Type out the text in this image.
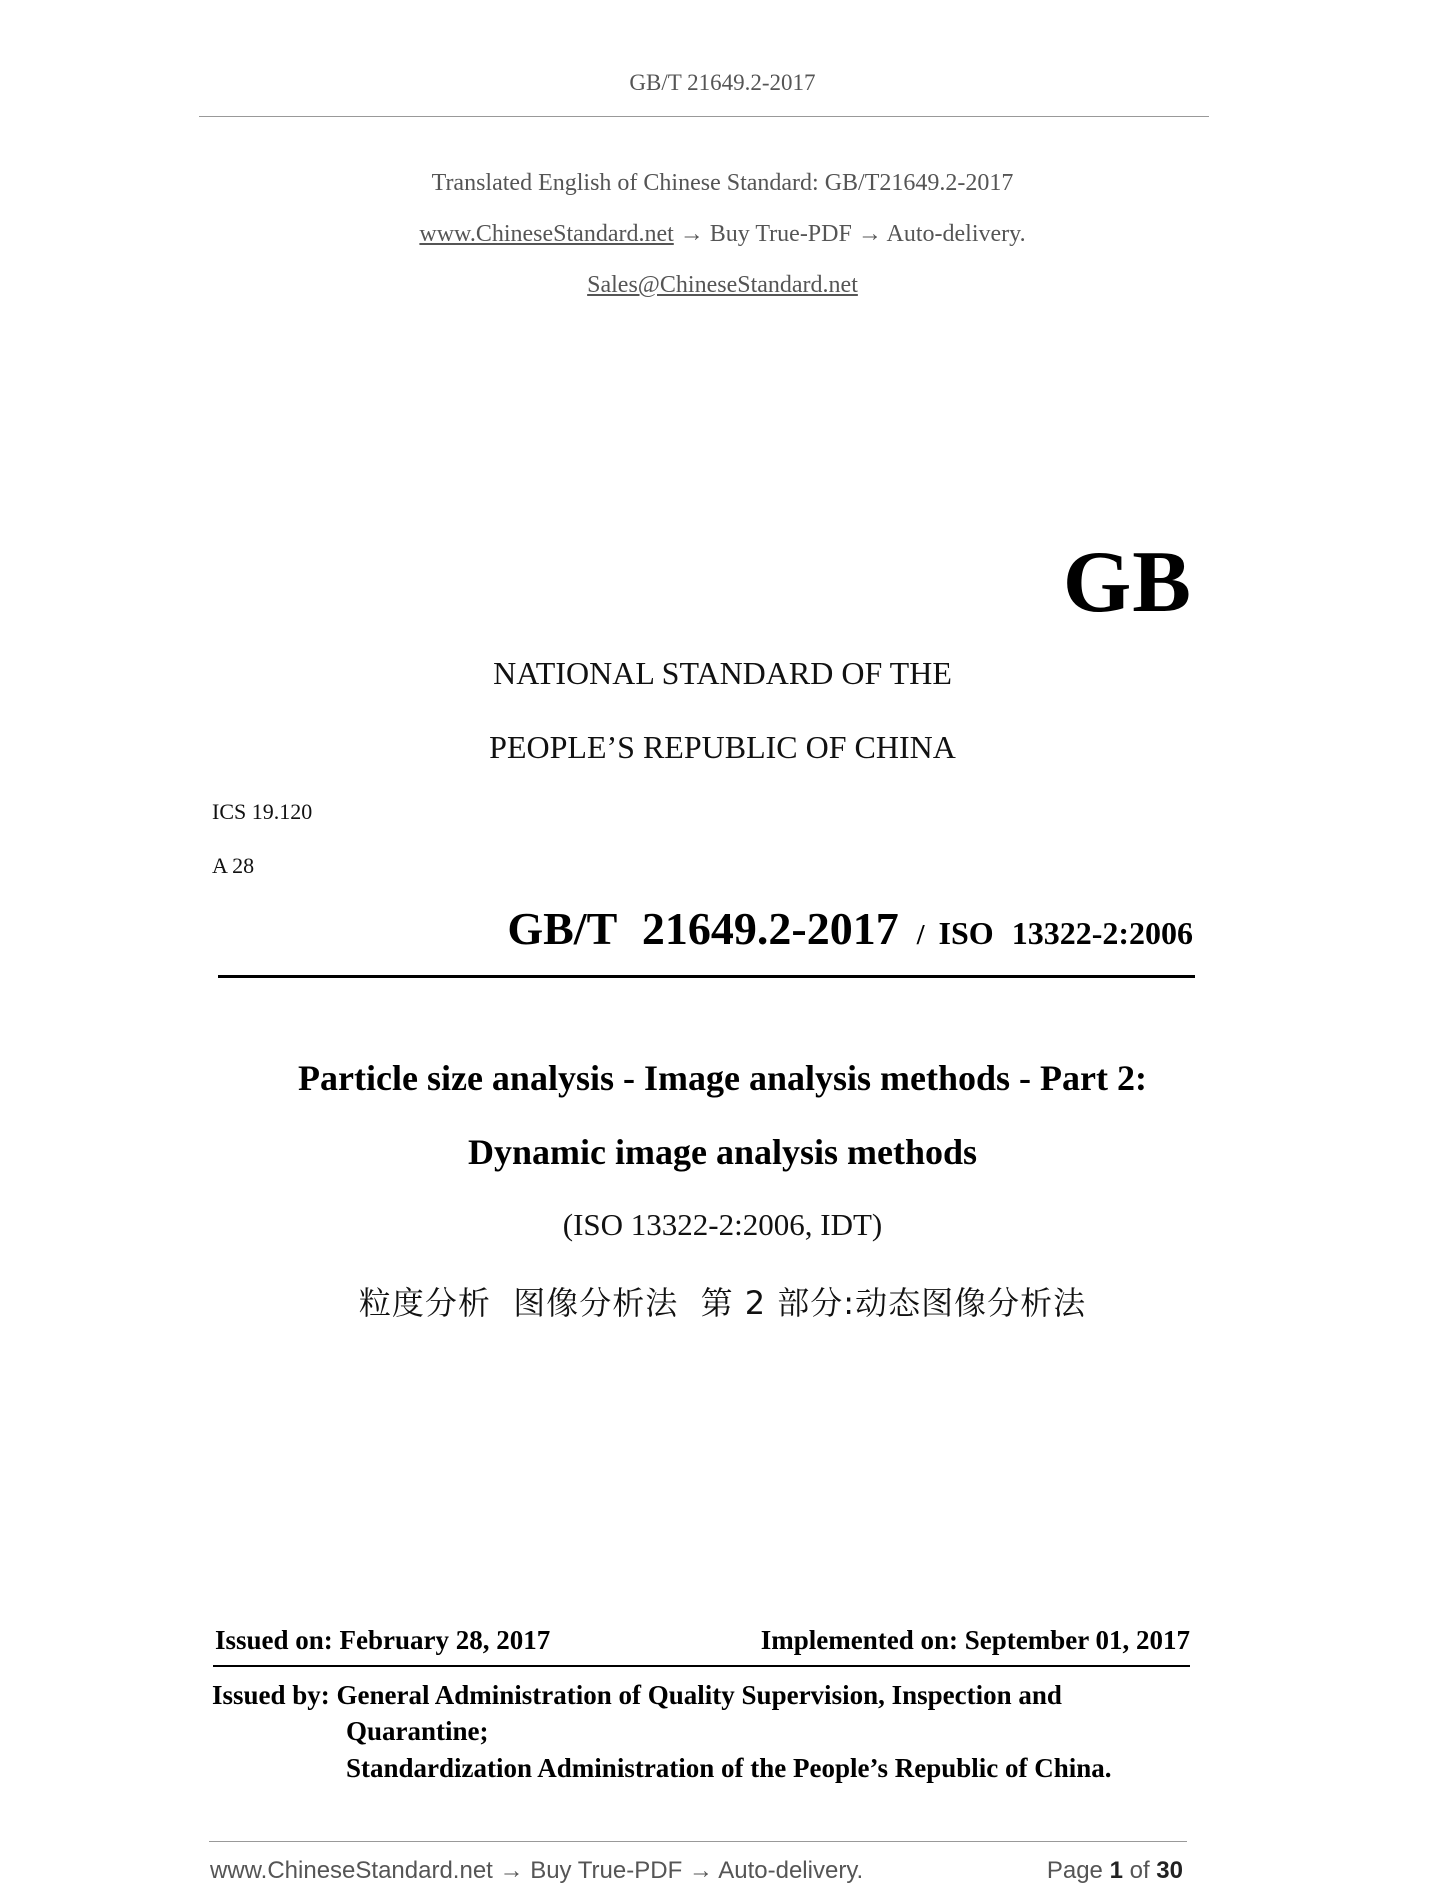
GB/T 21649.2-2017
Translated English of Chinese Standard: GB/T21649.2-2017
www.ChineseStandard.net → Buy True-PDF → Auto-delivery.
Sales@ChineseStandard.net
GB
NATIONAL STANDARD OF THE
PEOPLE’S REPUBLIC OF CHINA
ICS 19.120
A 28
GB/T 21649.2-2017 / ISO 13322-2:2006
Particle size analysis - Image analysis methods - Part 2:
Dynamic image analysis methods
(ISO 13322-2:2006, IDT)
粒度分析  图像分析法  第 2 部分:动态图像分析法
Issued on: February 28, 2017	Implemented on: September 01, 2017
Issued by: General Administration of Quality Supervision, Inspection and
Quarantine;
Standardization Administration of the People’s Republic of China.
www.ChineseStandard.net → Buy True-PDF → Auto-delivery.	Page 1 of 30
